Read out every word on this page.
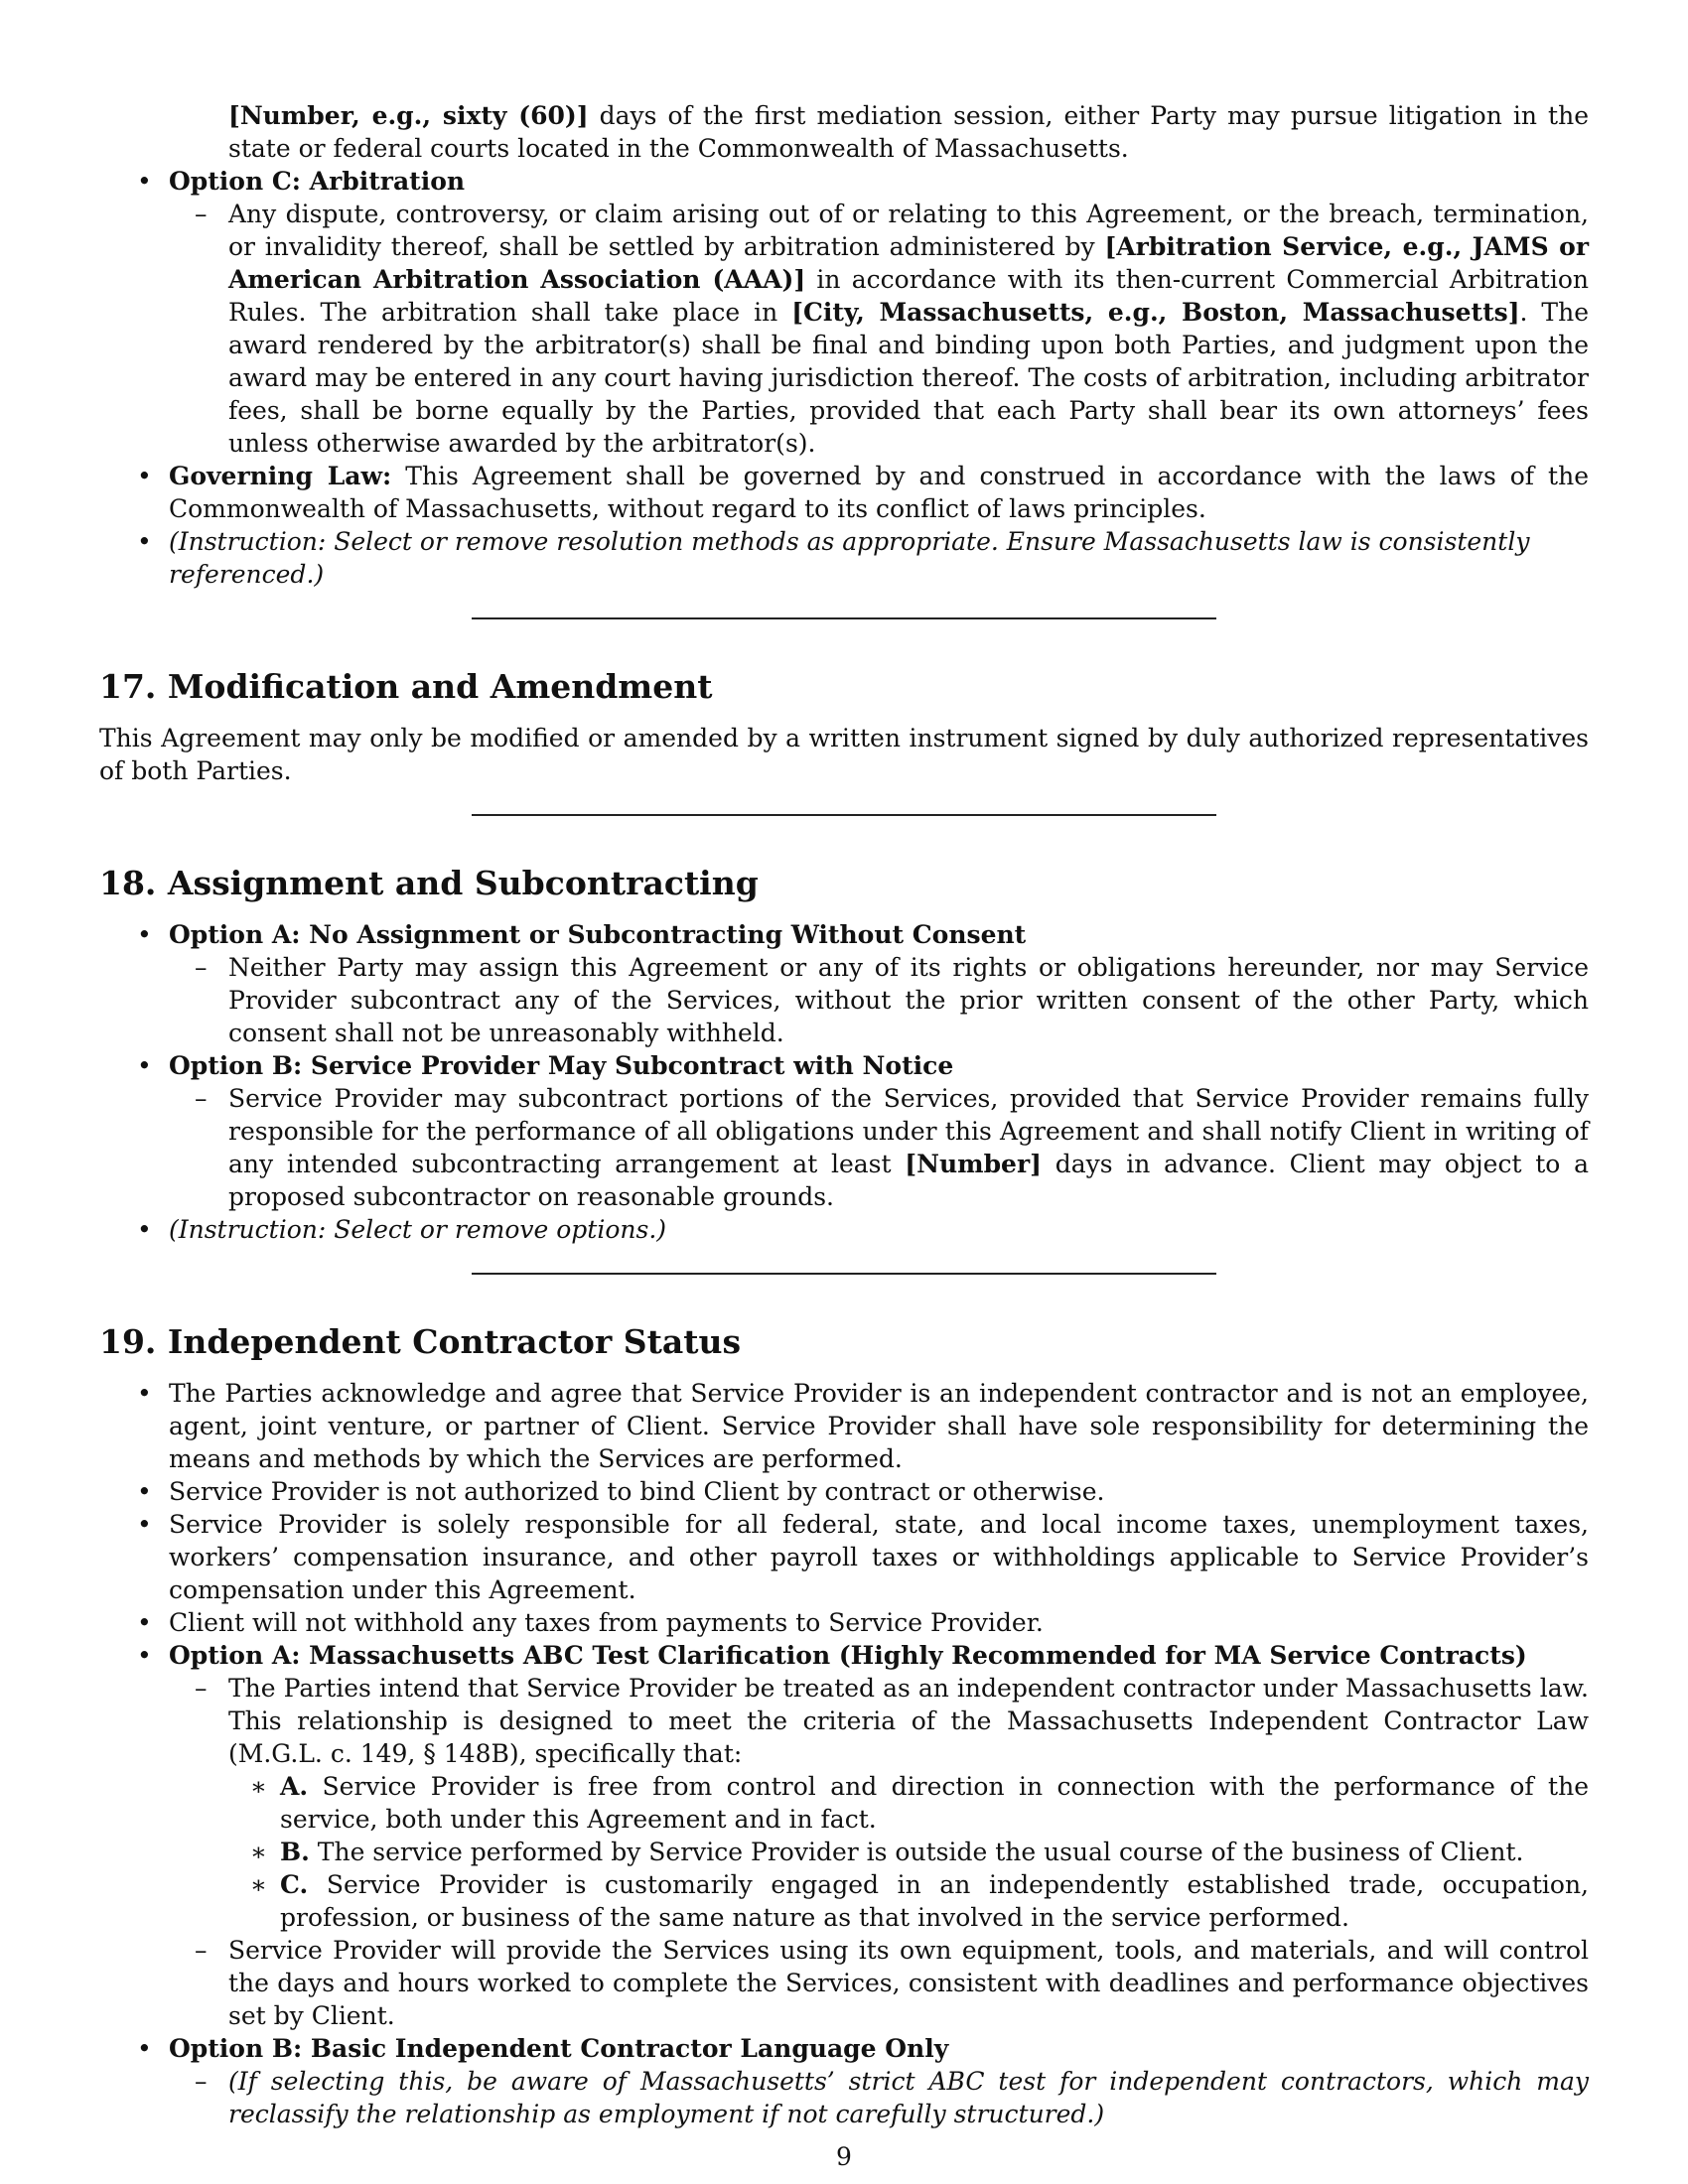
[Number, e.g., sixty (60)] days of the first mediation session, either Party may pursue litigation in the state or federal courts located in the Commonwealth of Massachusetts.

• Option C: Arbitration
– Any dispute, controversy, or claim arising out of or relating to this Agreement, or the breach, termination, or invalidity thereof, shall be settled by arbitration administered by [Arbitration Service, e.g., JAMS or American Arbitration Association (AAA)] in accordance with its then-current Commercial Arbitration Rules. The arbitration shall take place in [City, Massachusetts, e.g., Boston, Massachusetts]. The award rendered by the arbitrator(s) shall be final and binding upon both Parties, and judgment upon the award may be entered in any court having jurisdiction thereof. The costs of arbitration, including arbitrator fees, shall be borne equally by the Parties, provided that each Party shall bear its own attorneys’ fees unless otherwise awarded by the arbitrator(s).

• Governing Law: This Agreement shall be governed by and construed in accordance with the laws of the Commonwealth of Massachusetts, without regard to its conflict of laws principles.

• (Instruction: Select or remove resolution methods as appropriate. Ensure Massachusetts law is consistently referenced.)
17. Modification and Amendment

This Agreement may only be modified or amended by a written instrument signed by duly authorized representatives of both Parties.

18. Assignment and Subcontracting
• Option A: No Assignment or Subcontracting Without Consent
– Neither Party may assign this Agreement or any of its rights or obligations hereunder, nor may Service Provider subcontract any of the Services, without the prior written consent of the other Party, which consent shall not be unreasonably withheld.

• Option B: Service Provider May Subcontract with Notice
– Service Provider may subcontract portions of the Services, provided that Service Provider remains fully responsible for the performance of all obligations under this Agreement and shall notify Client in writing of any intended subcontracting arrangement at least [Number] days in advance. Client may object to a proposed subcontractor on reasonable grounds.

• (Instruction: Select or remove options.)
19. Independent Contractor Status
• The Parties acknowledge and agree that Service Provider is an independent contractor and is not an employee, agent, joint venture, or partner of Client. Service Provider shall have sole responsibility for determining the means and methods by which the Services are performed.

• Service Provider is not authorized to bind Client by contract or otherwise.

• Service Provider is solely responsible for all federal, state, and local income taxes, unemployment taxes, workers’ compensation insurance, and other payroll taxes or withholdings applicable to Service Provider’s compensation under this Agreement.

• Client will not withhold any taxes from payments to Service Provider.

• Option A: Massachusetts ABC Test Clarification (Highly Recommended for MA Service Contracts)
– The Parties intend that Service Provider be treated as an independent contractor under Massachusetts law. This relationship is designed to meet the criteria of the Massachusetts Independent Contractor Law (M.G.L. c. 149, § 148B), specifically that:

∗ A. Service Provider is free from control and direction in connection with the performance of the service, both under this Agreement and in fact.

∗ B. The service performed by Service Provider is outside the usual course of the business of Client.

∗ C. Service Provider is customarily engaged in an independently established trade, occupation, profession, or business of the same nature as that involved in the service performed.

– Service Provider will provide the Services using its own equipment, tools, and materials, and will control the days and hours worked to complete the Services, consistent with deadlines and performance objectives set by Client.

• Option B: Basic Independent Contractor Language Only
– (If selecting this, be aware of Massachusetts’ strict ABC test for independent contractors, which may reclassify the relationship as employment if not carefully structured.)

9
